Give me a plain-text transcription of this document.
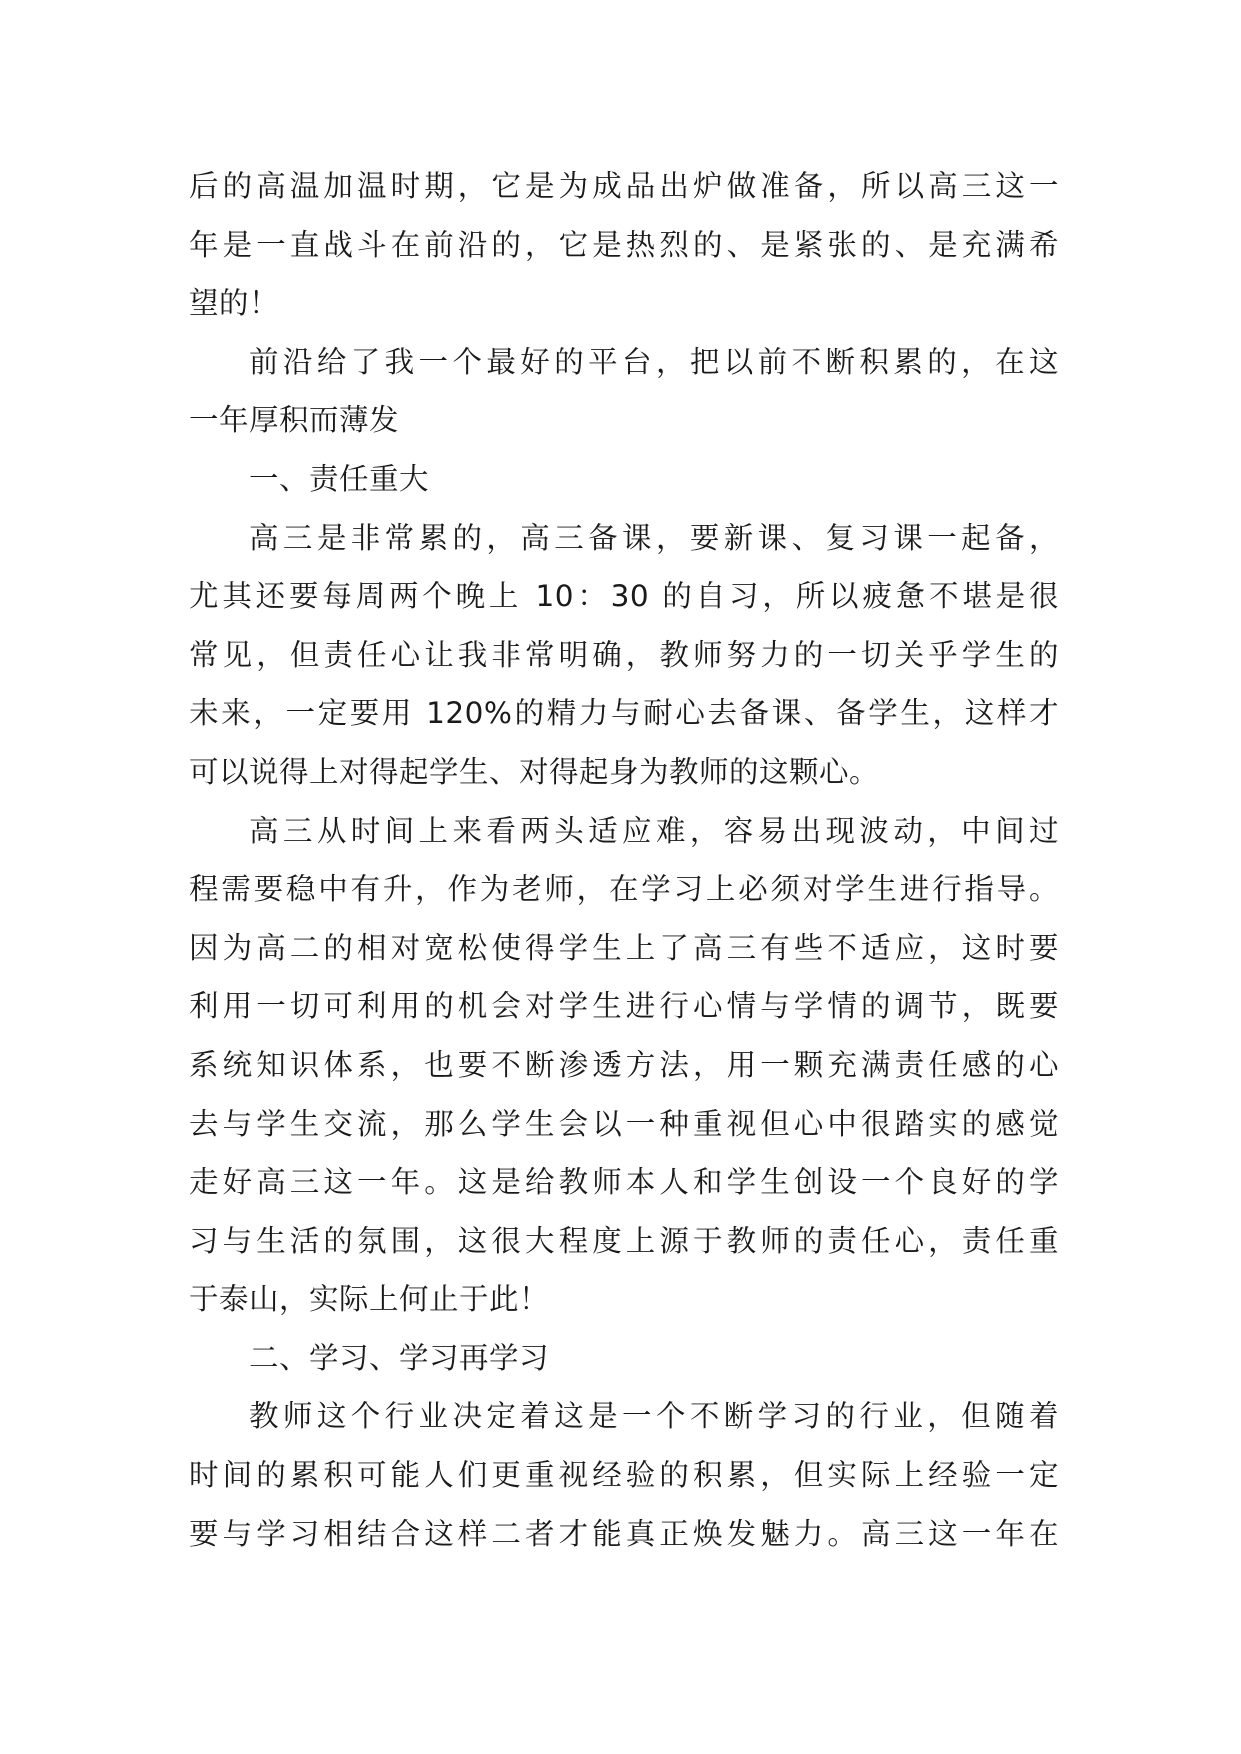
后的高温加温时期，它是为成品出炉做准备，所以高三这一
年是一直战斗在前沿的，它是热烈的、是紧张的、是充满希
望的！
前沿给了我一个最好的平台，把以前不断积累的，在这
一年厚积而薄发
一、责任重大
高三是非常累的，高三备课，要新课、复习课一起备，
尤其还要每周两个晚上 10：30 的自习，所以疲惫不堪是很
常见，但责任心让我非常明确，教师努力的一切关乎学生的
未来，一定要用 120%的精力与耐心去备课、备学生，这样才
可以说得上对得起学生、对得起身为教师的这颗心。
高三从时间上来看两头适应难，容易出现波动，中间过
程需要稳中有升，作为老师，在学习上必须对学生进行指导。
因为高二的相对宽松使得学生上了高三有些不适应，这时要
利用一切可利用的机会对学生进行心情与学情的调节，既要
系统知识体系，也要不断渗透方法，用一颗充满责任感的心
去与学生交流，那么学生会以一种重视但心中很踏实的感觉
走好高三这一年。这是给教师本人和学生创设一个良好的学
习与生活的氛围，这很大程度上源于教师的责任心，责任重
于泰山，实际上何止于此！
二、学习、学习再学习
教师这个行业决定着这是一个不断学习的行业，但随着
时间的累积可能人们更重视经验的积累，但实际上经验一定
要与学习相结合这样二者才能真正焕发魅力。高三这一年在
